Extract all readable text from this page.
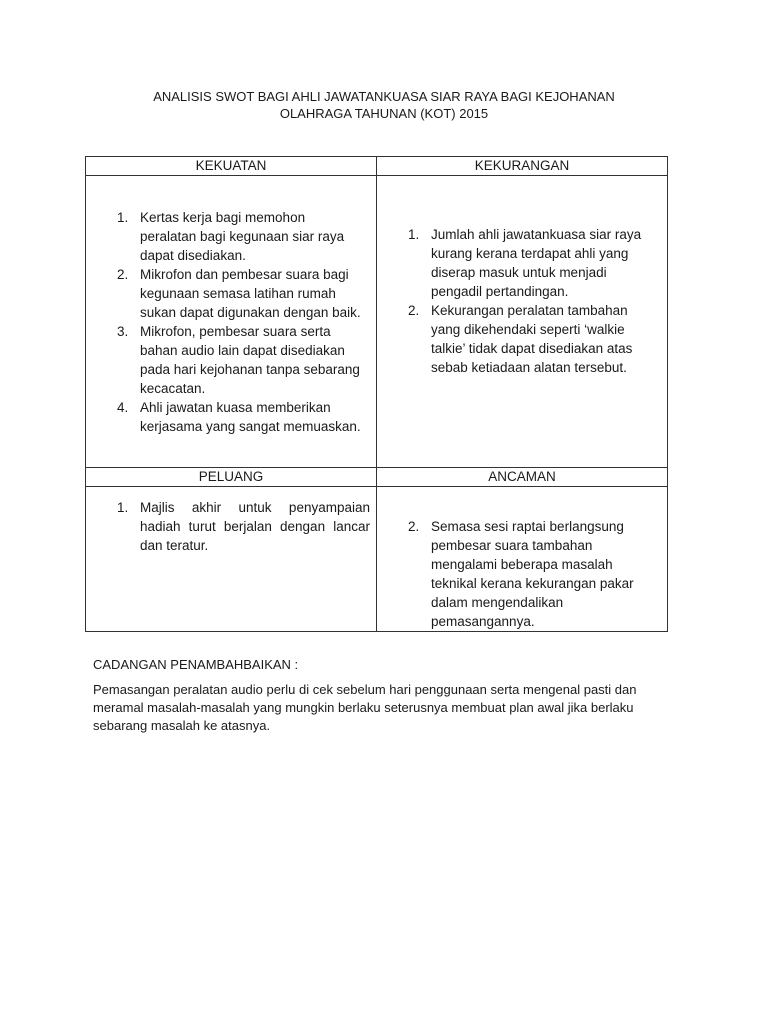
ANALISIS SWOT BAGI AHLI JAWATANKUASA SIAR RAYA BAGI KEJOHANAN
OLAHRAGA TAHUNAN (KOT) 2015
KEKUATAN	KEKURANGAN
1. Kertas kerja bagi memohon peralatan bagi kegunaan siar raya dapat disediakan.
2. Mikrofon dan pembesar suara bagi kegunaan semasa latihan rumah sukan dapat digunakan dengan baik.
3. Mikrofon, pembesar suara serta bahan audio lain dapat disediakan pada hari kejohanan tanpa sebarang kecacatan.
4. Ahli jawatan kuasa memberikan kerjasama yang sangat memuaskan.
1. Jumlah ahli jawatankuasa siar raya kurang kerana terdapat ahli yang diserap masuk untuk menjadi pengadil pertandingan.
2. Kekurangan peralatan tambahan yang dikehendaki seperti ‘walkie talkie’ tidak dapat disediakan atas sebab ketiadaan alatan tersebut.
PELUANG	ANCAMAN
1. Majlis akhir untuk penyampaian hadiah turut berjalan dengan lancar dan teratur.
2. Semasa sesi raptai berlangsung pembesar suara tambahan mengalami beberapa masalah teknikal kerana kekurangan pakar dalam mengendalikan pemasangannya.
CADANGAN PENAMBAHBAIKAN :
Pemasangan peralatan audio perlu di cek sebelum hari penggunaan serta mengenal pasti dan meramal masalah-masalah yang mungkin berlaku seterusnya membuat plan awal jika berlaku sebarang masalah ke atasnya.
